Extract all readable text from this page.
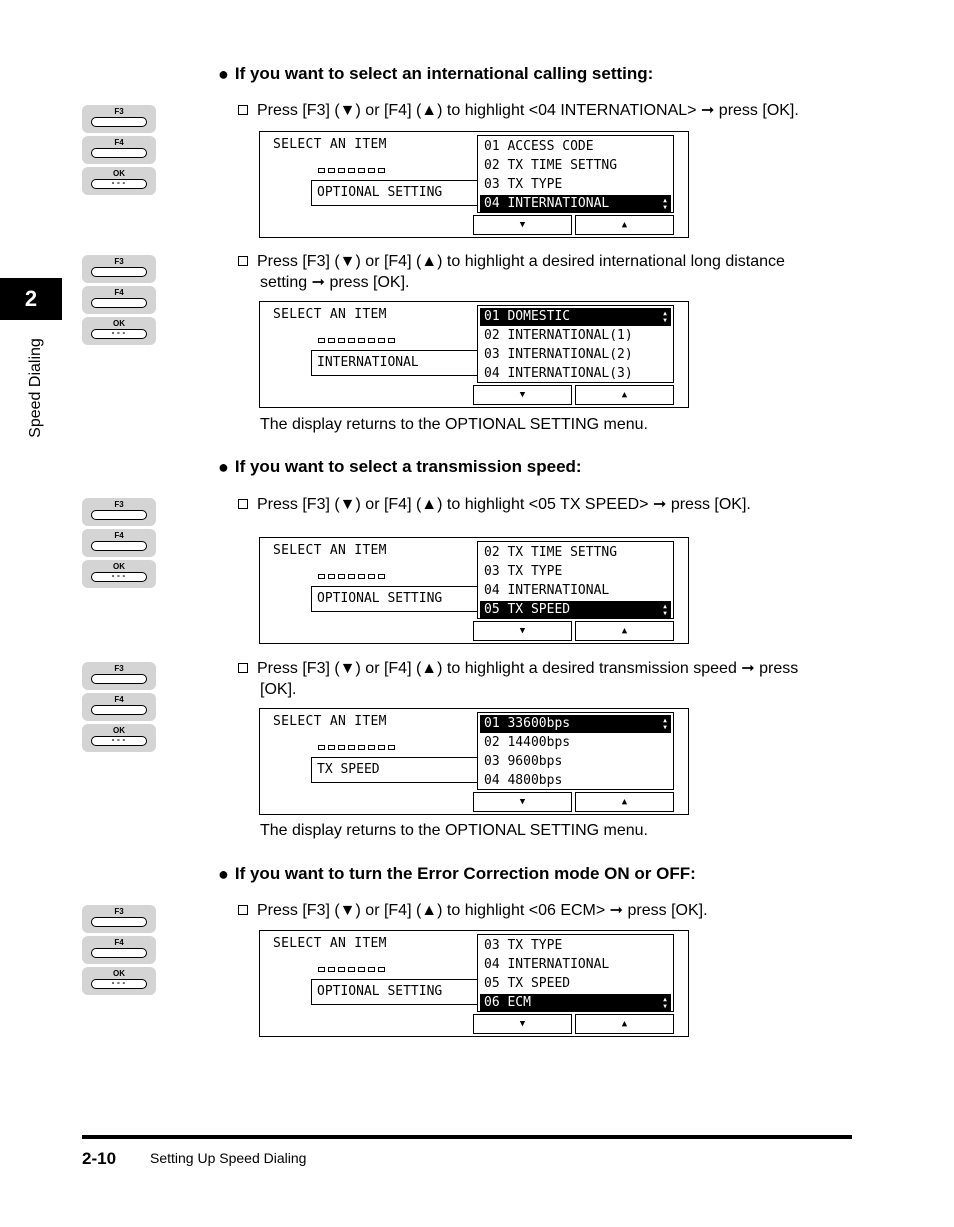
2
Speed Dialing
● If you want to select an international calling setting:
F3
F4
OK
∘∘∘
Press [F3] (▼) or [F4] (▲) to highlight <04 INTERNATIONAL> ➞ press [OK].
SELECT AN ITEM
OPTIONAL SETTING
01 ACCESS CODE
02 TX TIME SETTNG
03 TX TYPE
04 INTERNATIONAL	▲
▼
▼	▲
F3
F4
OK
∘∘∘
Press [F3] (▼) or [F4] (▲) to highlight a desired international long distance
setting ➞ press [OK].
SELECT AN ITEM
INTERNATIONAL
01 DOMESTIC	▲
▼
02 INTERNATIONAL(1)
03 INTERNATIONAL(2)
04 INTERNATIONAL(3)
▼	▲
The display returns to the OPTIONAL SETTING menu.
● If you want to select a transmission speed:
F3
F4
OK
∘∘∘
Press [F3] (▼) or [F4] (▲) to highlight <05 TX SPEED> ➞ press [OK].
SELECT AN ITEM
OPTIONAL SETTING
02 TX TIME SETTNG
03 TX TYPE
04 INTERNATIONAL
05 TX SPEED	▲
▼
▼	▲
F3
F4
OK
∘∘∘
Press [F3] (▼) or [F4] (▲) to highlight a desired transmission speed ➞ press
[OK].
SELECT AN ITEM
TX SPEED
01 33600bps	▲
▼
02 14400bps
03 9600bps
04 4800bps
▼	▲
The display returns to the OPTIONAL SETTING menu.
● If you want to turn the Error Correction mode ON or OFF:
F3
F4
OK
∘∘∘
Press [F3] (▼) or [F4] (▲) to highlight <06 ECM> ➞ press [OK].
SELECT AN ITEM
OPTIONAL SETTING
03 TX TYPE
04 INTERNATIONAL
05 TX SPEED
06 ECM	▲
▼
▼	▲
2-10 Setting Up Speed Dialing
